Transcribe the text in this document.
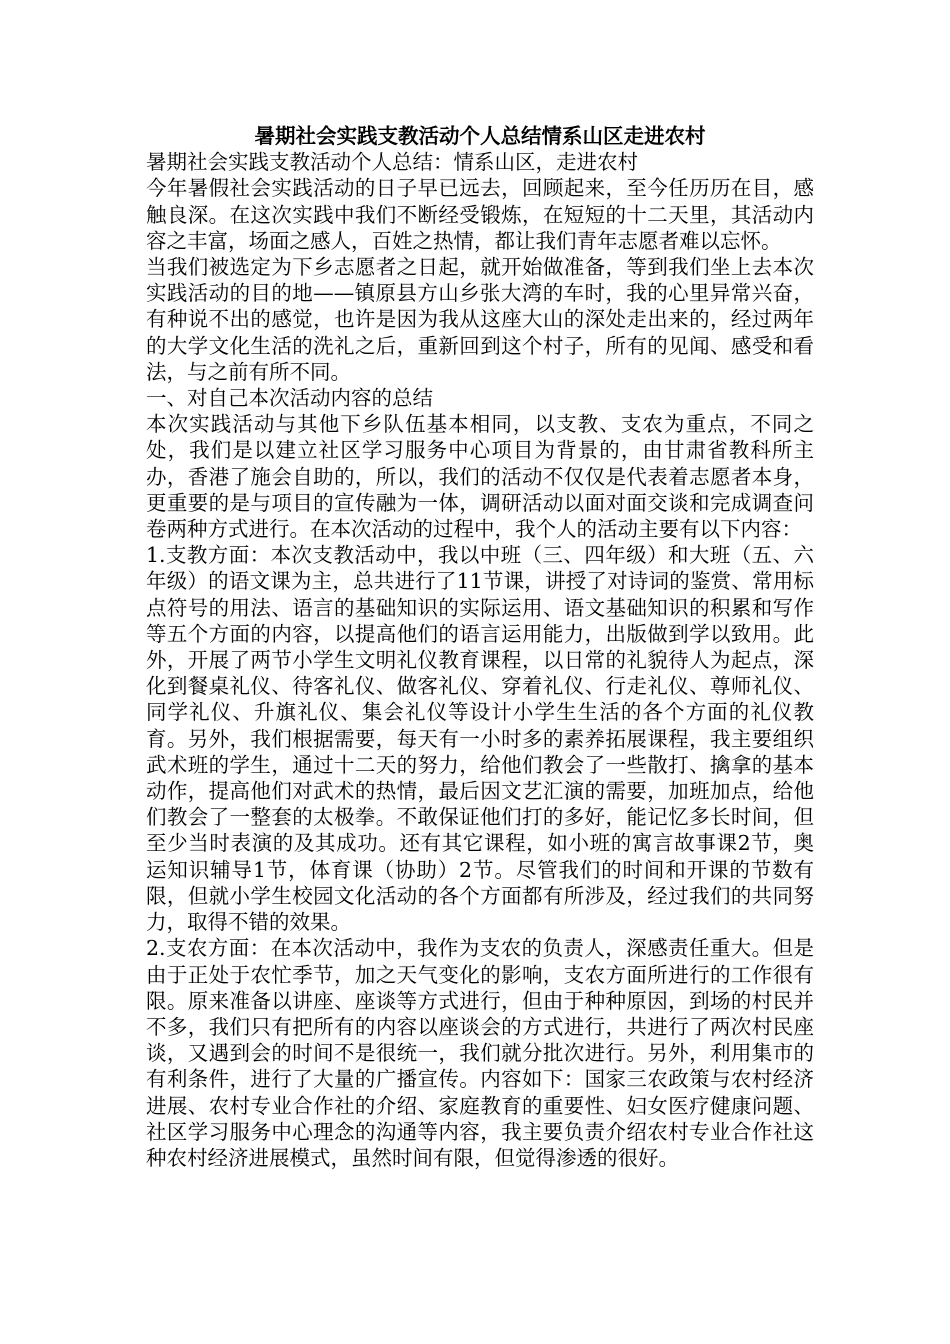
暑期社会实践支教活动个人总结情系山区走进农村

暑期社会实践支教活动个人总结：情系山区，走进农村

今年暑假社会实践活动的日子早已远去，回顾起来，至今任历历在目，感触良深。在这次实践中我们不断经受锻炼，在短短的十二天里，其活动内容之丰富，场面之感人，百姓之热情，都让我们青年志愿者难以忘怀。

当我们被选定为下乡志愿者之日起，就开始做准备，等到我们坐上去本次实践活动的目的地——镇原县方山乡张大湾的车时，我的心里异常兴奋，有种说不出的感觉，也许是因为我从这座大山的深处走出来的，经过两年的大学文化生活的洗礼之后，重新回到这个村子，所有的见闻、感受和看法，与之前有所不同。

一、对自己本次活动内容的总结

本次实践活动与其他下乡队伍基本相同，以支教、支农为重点，不同之处，我们是以建立社区学习服务中心项目为背景的，由甘肃省教科所主办，香港了施会自助的，所以，我们的活动不仅仅是代表着志愿者本身，更重要的是与项目的宣传融为一体，调研活动以面对面交谈和完成调查问卷两种方式进行。在本次活动的过程中，我个人的活动主要有以下内容：

1.支教方面：本次支教活动中，我以中班（三、四年级）和大班（五、六年级）的语文课为主，总共进行了11节课，讲授了对诗词的鉴赏、常用标点符号的用法、语言的基础知识的实际运用、语文基础知识的积累和写作等五个方面的内容，以提高他们的语言运用能力，出版做到学以致用。此外，开展了两节小学生文明礼仪教育课程，以日常的礼貌待人为起点，深化到餐桌礼仪、待客礼仪、做客礼仪、穿着礼仪、行走礼仪、尊师礼仪、同学礼仪、升旗礼仪、集会礼仪等设计小学生生活的各个方面的礼仪教育。另外，我们根据需要，每天有一小时多的素养拓展课程，我主要组织武术班的学生，通过十二天的努力，给他们教会了一些散打、擒拿的基本动作，提高他们对武术的热情，最后因文艺汇演的需要，加班加点，给他们教会了一整套的太极拳。不敢保证他们打的多好，能记忆多长时间，但至少当时表演的及其成功。还有其它课程，如小班的寓言故事课2节，奥运知识辅导1节，体育课（协助）2节。尽管我们的时间和开课的节数有限，但就小学生校园文化活动的各个方面都有所涉及，经过我们的共同努力，取得不错的效果。

2.支农方面：在本次活动中，我作为支农的负责人，深感责任重大。但是由于正处于农忙季节，加之天气变化的影响，支农方面所进行的工作很有限。原来准备以讲座、座谈等方式进行，但由于种种原因，到场的村民并不多，我们只有把所有的内容以座谈会的方式进行，共进行了两次村民座谈，又遇到会的时间不是很统一，我们就分批次进行。另外，利用集市的有利条件，进行了大量的广播宣传。内容如下：国家三农政策与农村经济进展、农村专业合作社的介绍、家庭教育的重要性、妇女医疗健康问题、社区学习服务中心理念的沟通等内容，我主要负责介绍农村专业合作社这种农村经济进展模式，虽然时间有限，但觉得渗透的很好。
